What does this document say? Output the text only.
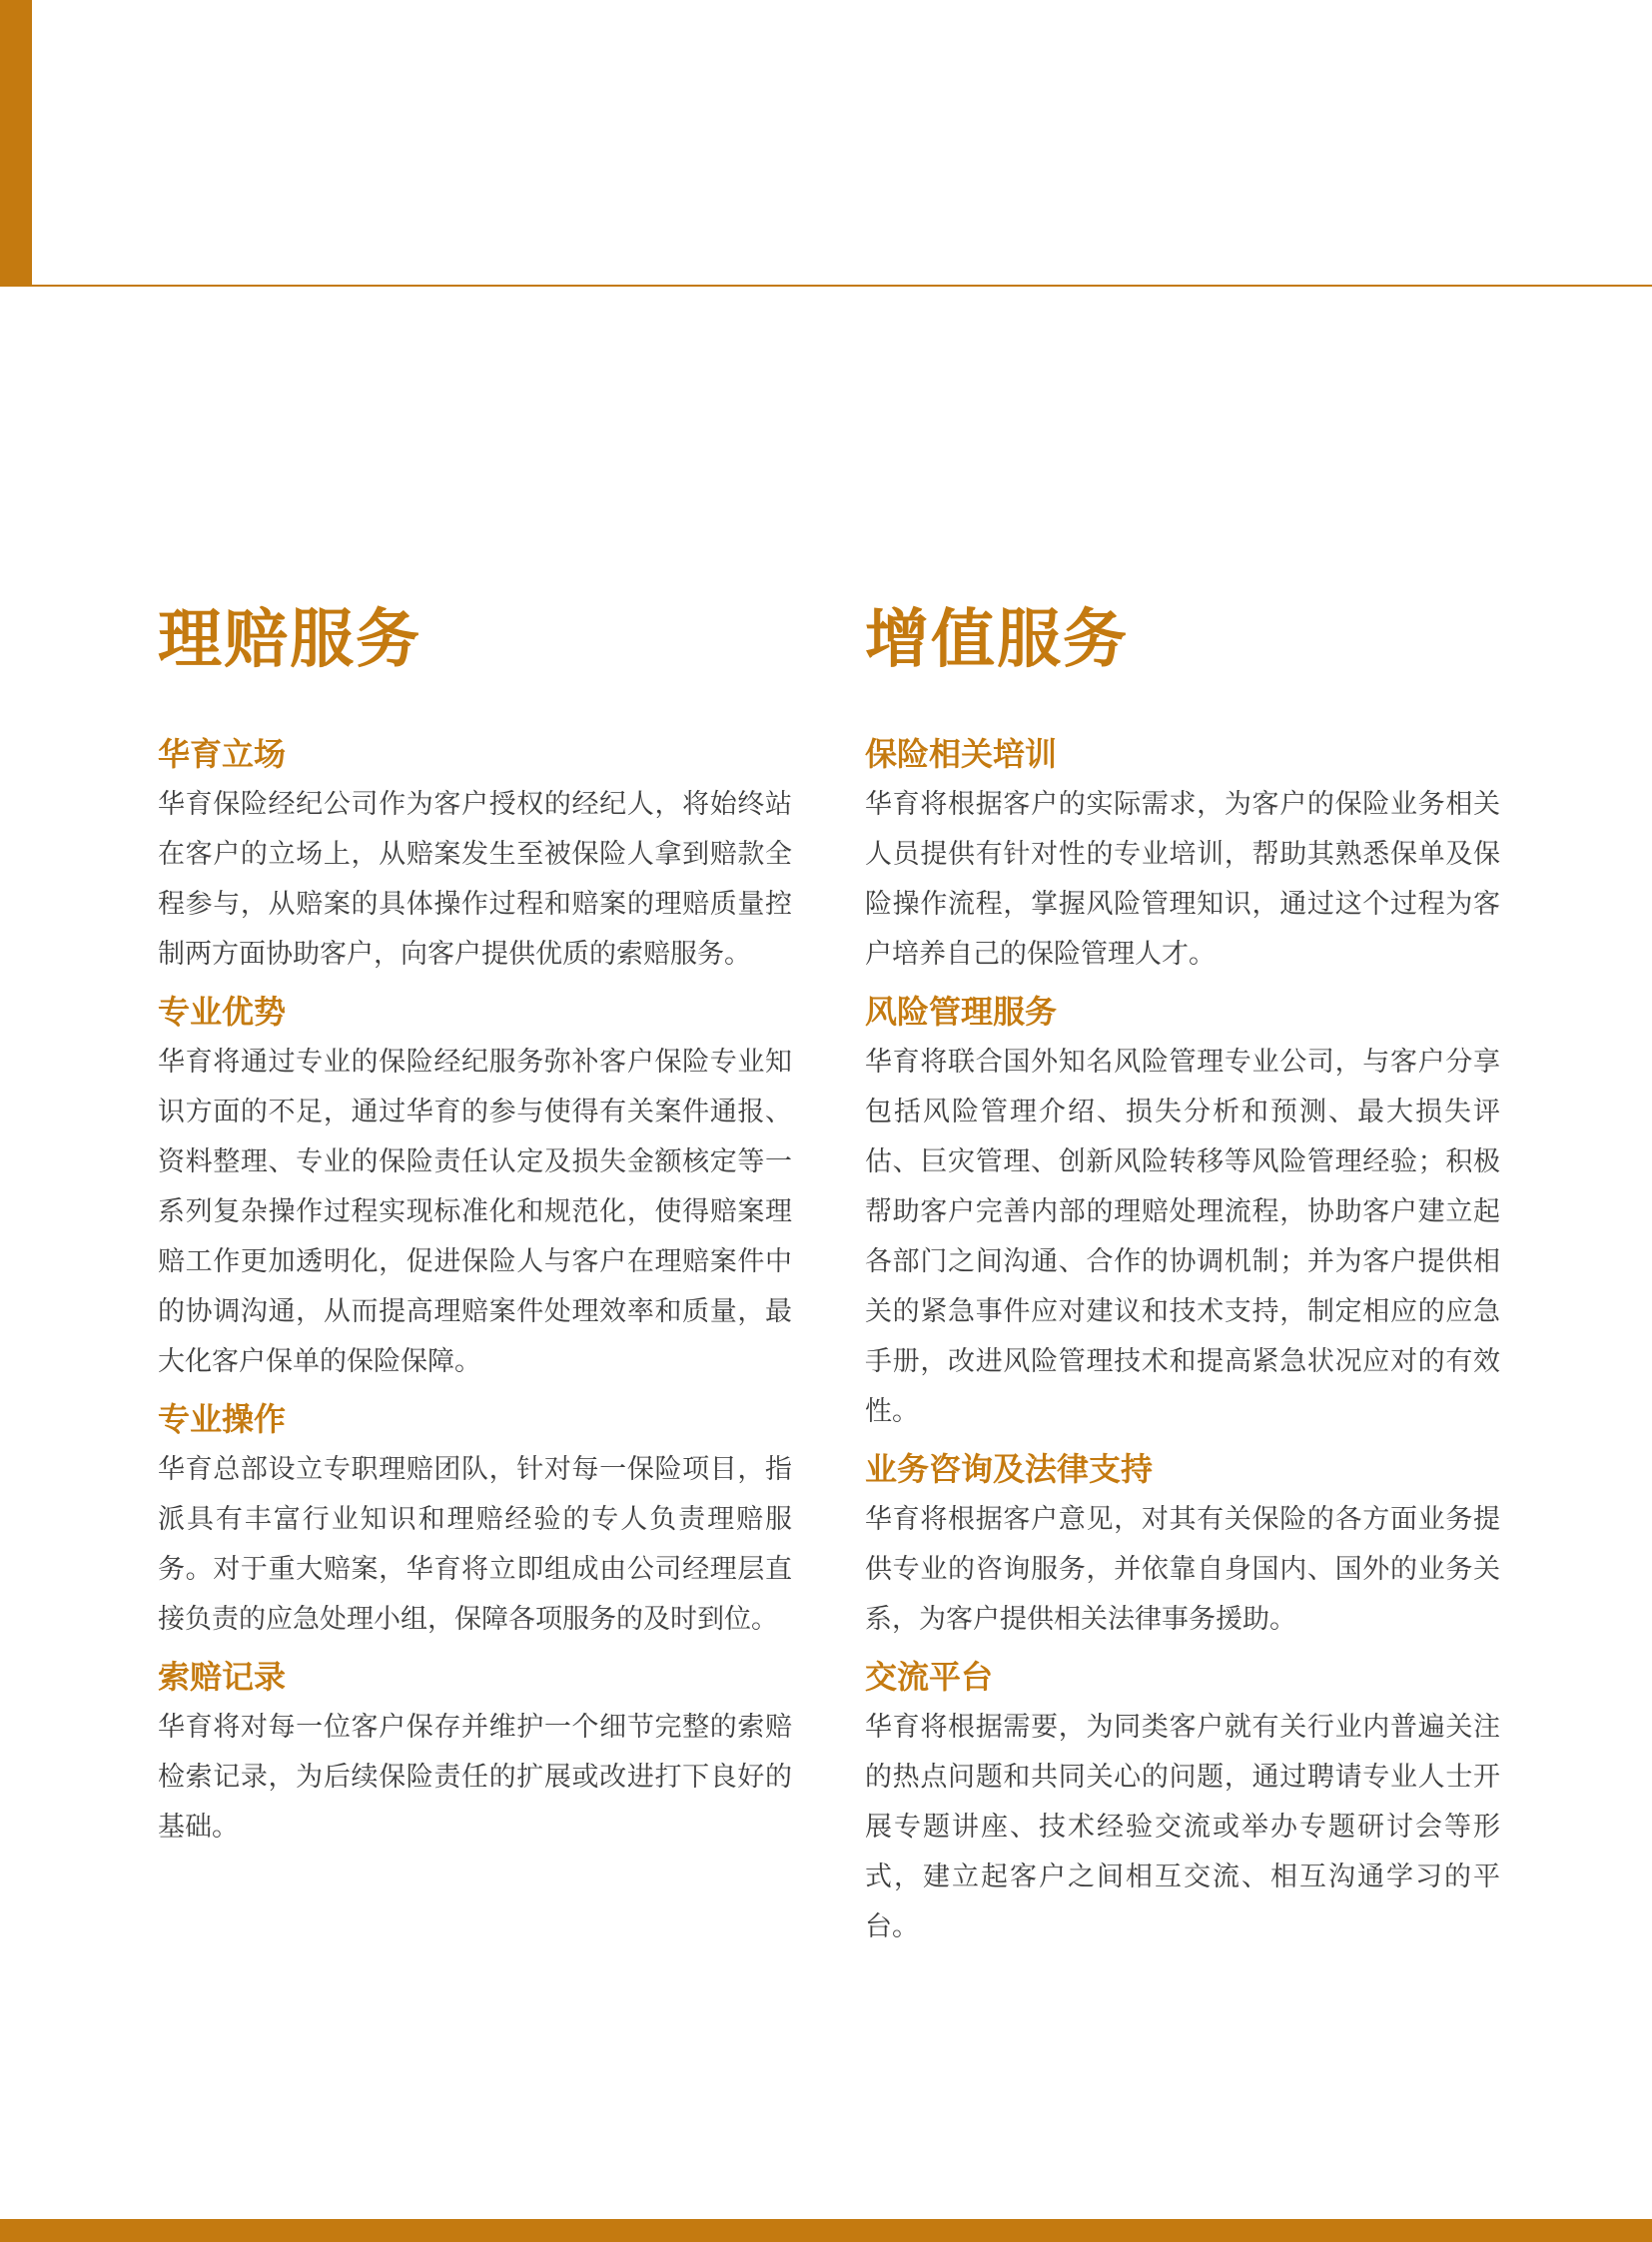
理赔服务
华育立场

华育保险经纪公司作为客户授权的经纪人，将始终站在客户的立场上，从赔案发生至被保险人拿到赔款全程参与，从赔案的具体操作过程和赔案的理赔质量控制两方面协助客户，向客户提供优质的索赔服务。

专业优势

华育将通过专业的保险经纪服务弥补客户保险专业知识方面的不足，通过华育的参与使得有关案件通报、资料整理、专业的保险责任认定及损失金额核定等一系列复杂操作过程实现标准化和规范化，使得赔案理赔工作更加透明化，促进保险人与客户在理赔案件中的协调沟通，从而提高理赔案件处理效率和质量，最大化客户保单的保险保障。

专业操作

华育总部设立专职理赔团队，针对每一保险项目，指派具有丰富行业知识和理赔经验的专人负责理赔服务。对于重大赔案，华育将立即组成由公司经理层直接负责的应急处理小组，保障各项服务的及时到位。

索赔记录

华育将对每一位客户保存并维护一个细节完整的索赔检索记录，为后续保险责任的扩展或改进打下良好的基础。

增值服务
保险相关培训

华育将根据客户的实际需求，为客户的保险业务相关人员提供有针对性的专业培训，帮助其熟悉保单及保险操作流程，掌握风险管理知识，通过这个过程为客户培养自己的保险管理人才。

风险管理服务

华育将联合国外知名风险管理专业公司，与客户分享包括风险管理介绍、损失分析和预测、最大损失评估、巨灾管理、创新风险转移等风险管理经验；积极帮助客户完善内部的理赔处理流程，协助客户建立起各部门之间沟通、合作的协调机制；并为客户提供相关的紧急事件应对建议和技术支持，制定相应的应急手册，改进风险管理技术和提高紧急状况应对的有效性。

业务咨询及法律支持

华育将根据客户意见，对其有关保险的各方面业务提供专业的咨询服务，并依靠自身国内、国外的业务关系，为客户提供相关法律事务援助。

交流平台

华育将根据需要，为同类客户就有关行业内普遍关注的热点问题和共同关心的问题，通过聘请专业人士开展专题讲座、技术经验交流或举办专题研讨会等形式，建立起客户之间相互交流、相互沟通学习的平台。
